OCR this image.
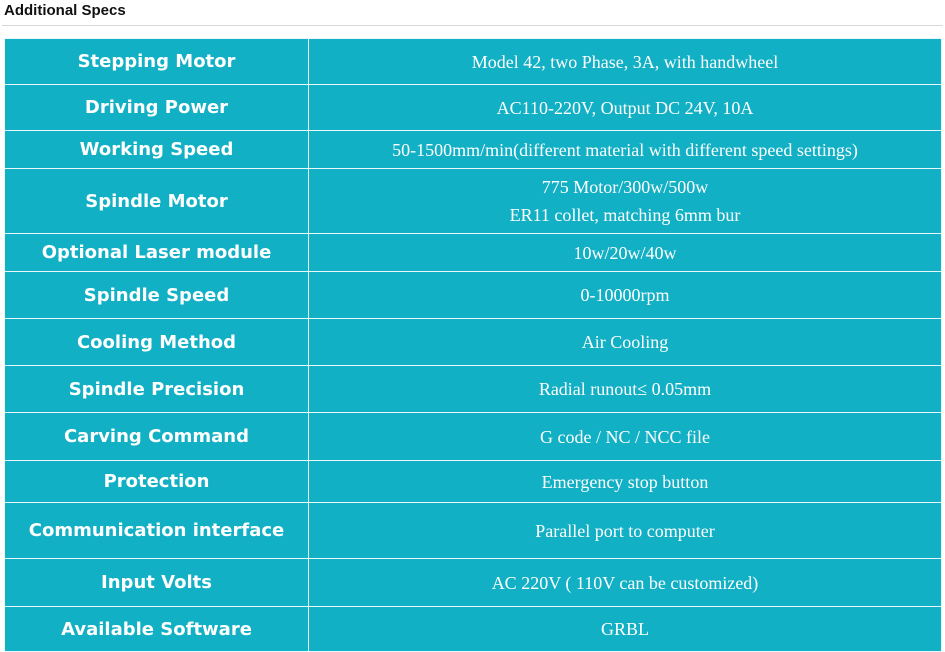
Additional Specs
Stepping Motor	Model 42, two Phase, 3A, with handwheel

Driving Power	AC110-220V, Output DC 24V, 10A

Working Speed	50-1500mm/min(different material with different speed settings)

Spindle Motor	775 Motor/300w/500w
ER11 collet, matching 6mm bur

Optional Laser module	10w/20w/40w

Spindle Speed	0-10000rpm

Cooling Method	Air Cooling

Spindle Precision	Radial runout≤ 0.05mm

Carving Command	G code / NC / NCC file

Protection	Emergency stop button

Communication interface	Parallel port to computer

Input Volts	AC 220V ( 110V can be customized)

Available Software	GRBL
